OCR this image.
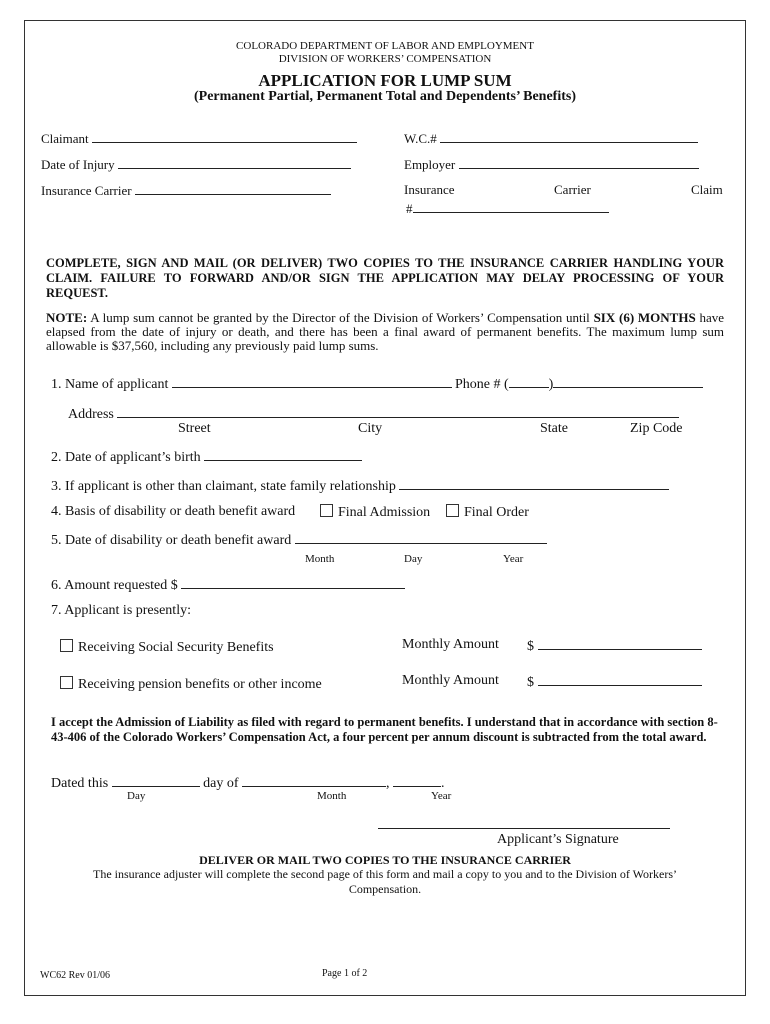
COLORADO DEPARTMENT OF LABOR AND EMPLOYMENT
DIVISION OF WORKERS’ COMPENSATION
APPLICATION FOR LUMP SUM
(Permanent Partial, Permanent Total and Dependents’ Benefits)
Claimant	W.C.#
Date of Injury	Employer
Insurance Carrier	Insurance	Carrier	Claim
#
COMPLETE, SIGN AND MAIL (OR DELIVER) TWO COPIES TO THE INSURANCE CARRIER HANDLING YOUR CLAIM. FAILURE TO FORWARD AND/OR SIGN THE APPLICATION MAY DELAY PROCESSING OF YOUR REQUEST.
NOTE: A lump sum cannot be granted by the Director of the Division of Workers’ Compensation until SIX (6) MONTHS have elapsed from the date of injury or death, and there has been a final award of permanent benefits. The maximum lump sum allowable is $37,560, including any previously paid lump sums.
1. Name of applicant	Phone # (	)
Address
Street	City	State	Zip Code
2. Date of applicant’s birth
3. If applicant is other than claimant, state family relationship
4. Basis of disability or death benefit award	Final Admission	Final Order
5. Date of disability or death benefit award
Month	Day	Year
6. Amount requested $
7. Applicant is presently:
Receiving Social Security Benefits	Monthly Amount $
Receiving pension benefits or other income	Monthly Amount $
I accept the Admission of Liability as filed with regard to permanent benefits. I understand that in accordance with section 8-43-406 of the Colorado Workers’ Compensation Act, a four percent per annum discount is subtracted from the total award.
Dated this	day of	,	.
Day	Month	Year
Applicant’s Signature
DELIVER OR MAIL TWO COPIES TO THE INSURANCE CARRIER
The insurance adjuster will complete the second page of this form and mail a copy to you and to the Division of Workers’
Compensation.
WC62 Rev 01/06	Page 1 of 2
